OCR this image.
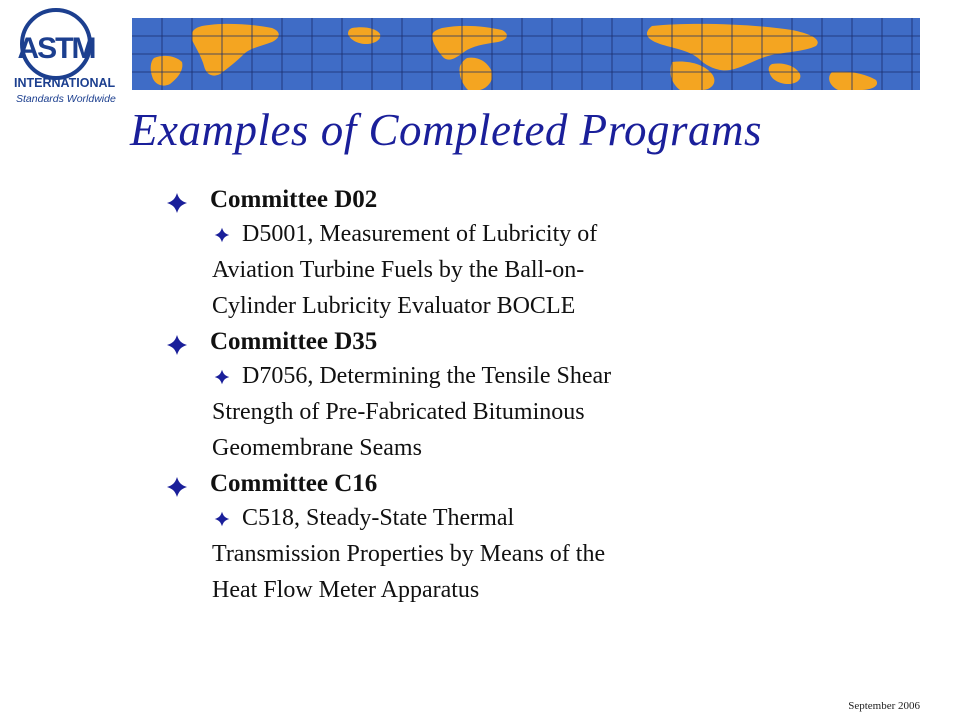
ASTM
INTERNATIONAL
Standards Worldwide
Examples of Completed Programs
Committee D02
D5001, Measurement of Lubricity of
Aviation Turbine Fuels by the Ball-on-
Cylinder Lubricity Evaluator BOCLE
Committee D35
D7056, Determining the Tensile Shear
Strength of Pre-Fabricated Bituminous
Geomembrane Seams
Committee C16
C518, Steady-State Thermal
Transmission Properties by Means of the
Heat Flow Meter Apparatus
September 2006
